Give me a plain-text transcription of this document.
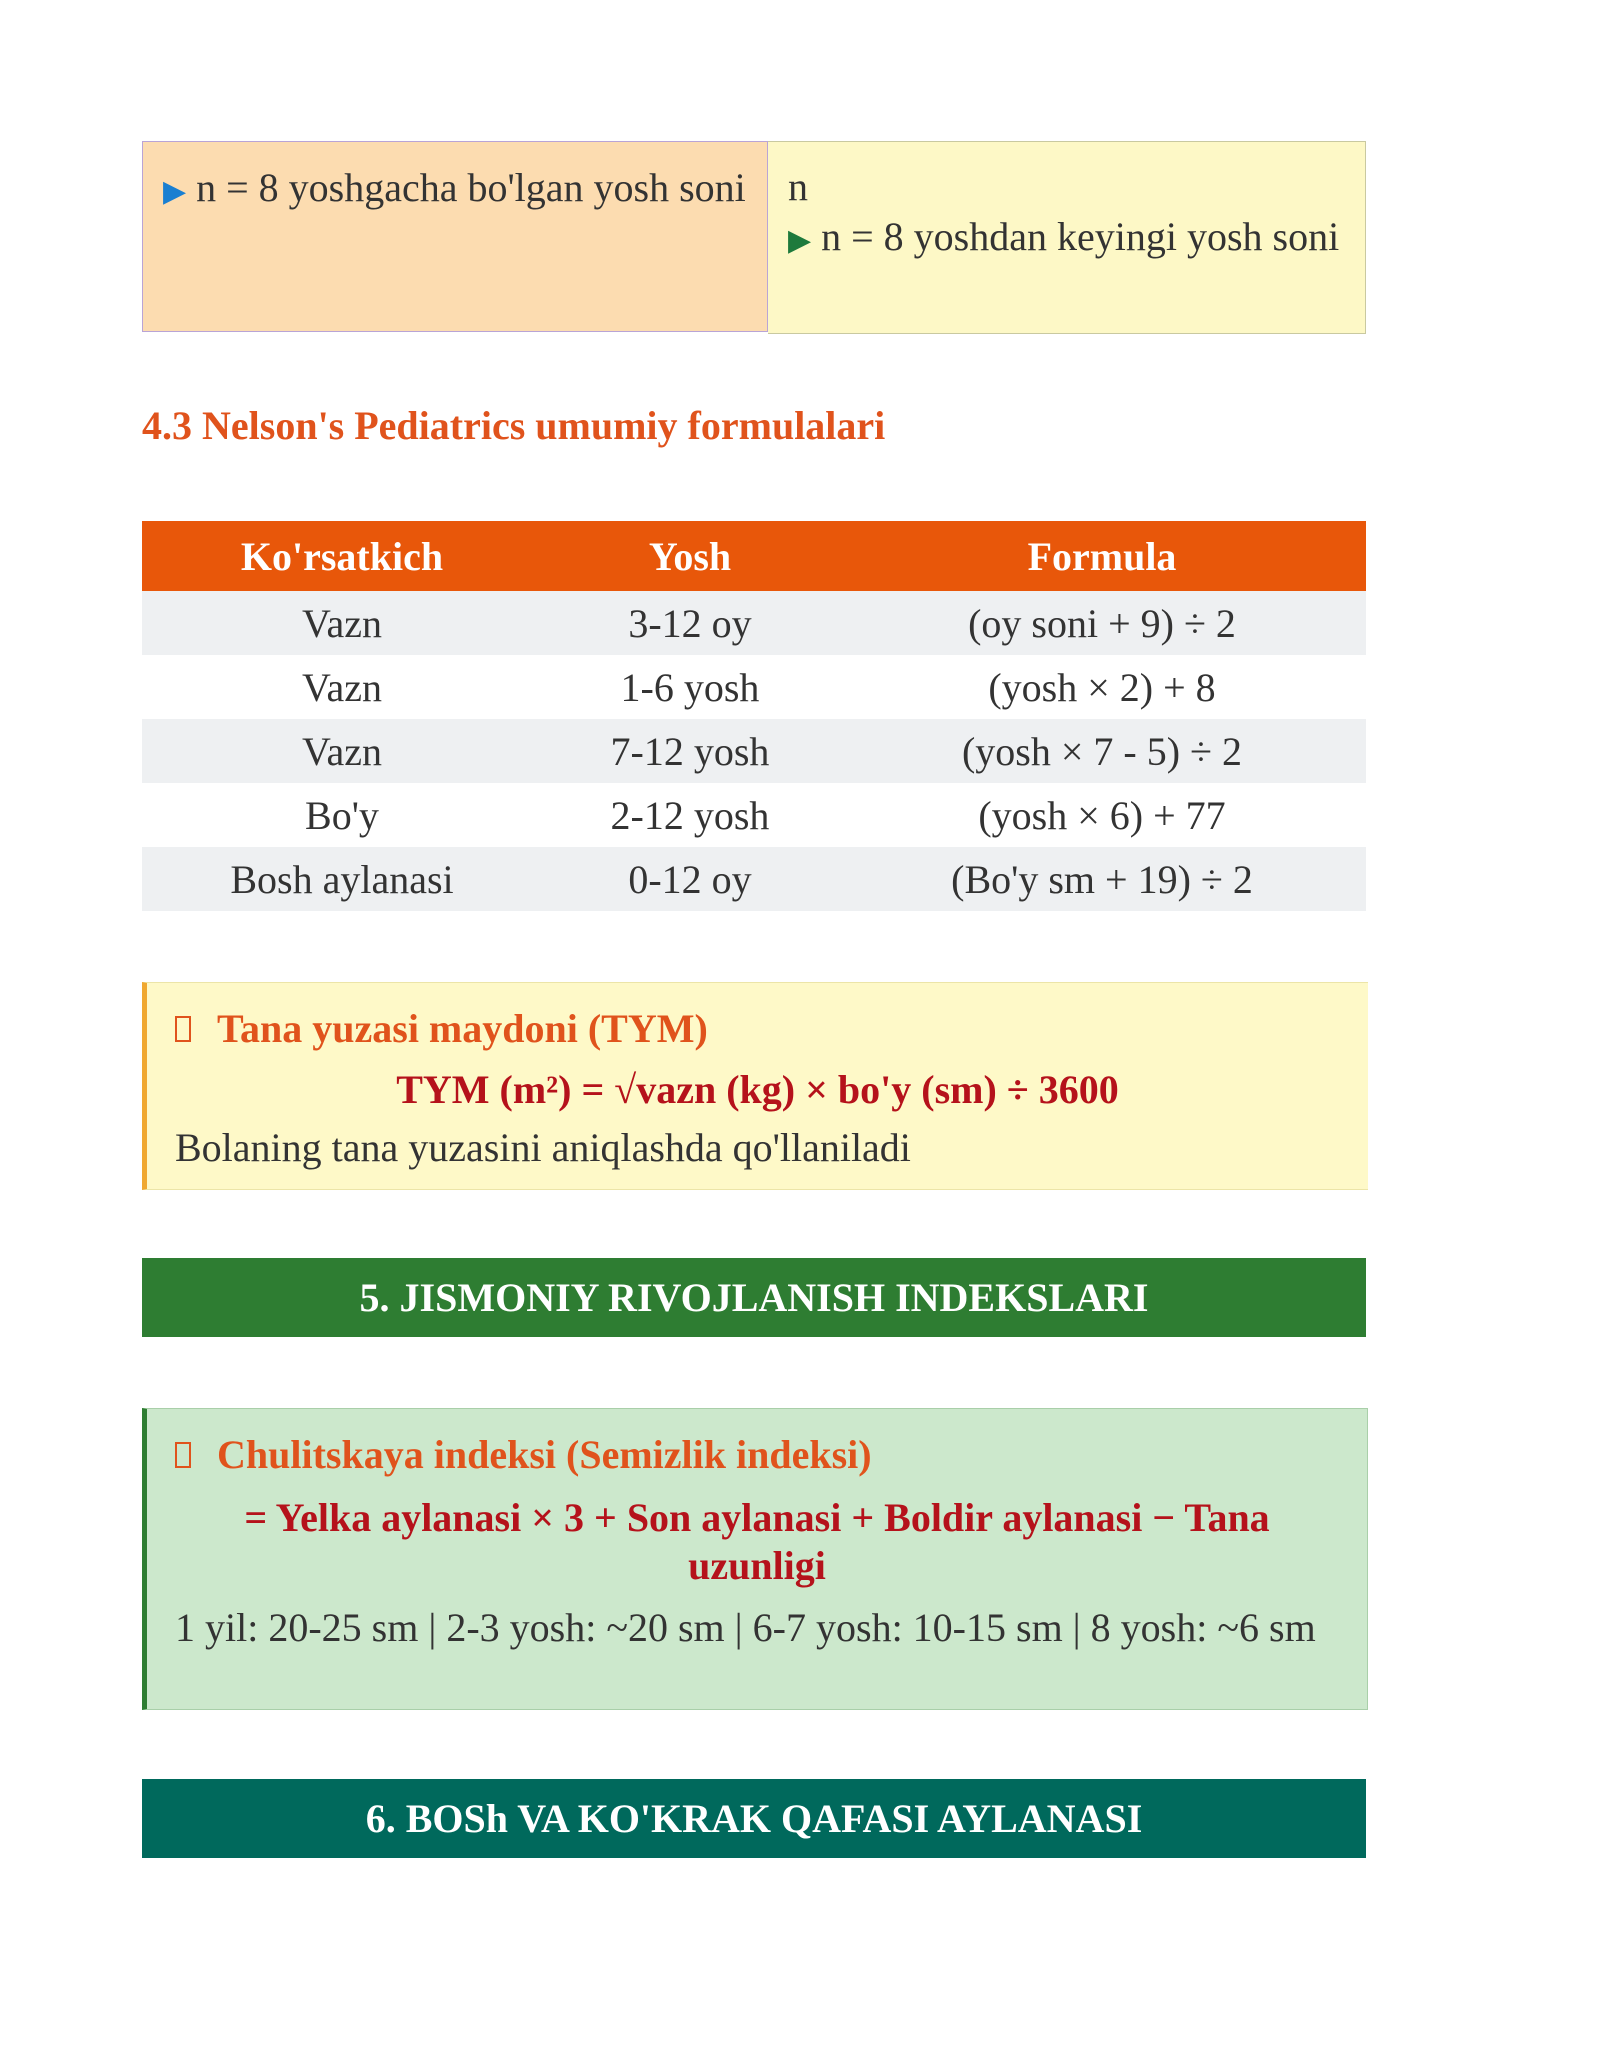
▶ n = 8 yoshgacha bo'lgan yosh soni	n
▶ n = 8 yoshdan keyingi yosh soni
4.3 Nelson's Pediatrics umumiy formulalari
Ko'rsatkich	Yosh	Formula
Vazn	3-12 oy	(oy soni + 9) ÷ 2
Vazn	1-6 yosh	(yosh × 2) + 8
Vazn	7-12 yosh	(yosh × 7 - 5) ÷ 2
Bo'y	2-12 yosh	(yosh × 6) + 77
Bosh aylanasi	0-12 oy	(Bo'y sm + 19) ÷ 2
Tana yuzasi maydoni (TYM)
TYM (m²) = √vazn (kg) × bo'y (sm) ÷ 3600
Bolaning tana yuzasini aniqlashda qo'llaniladi
5. JISMONIY RIVOJLANISH INDEKSLARI
Chulitskaya indeksi (Semizlik indeksi)
= Yelka aylanasi × 3 + Son aylanasi + Boldir aylanasi − Tana uzunligi
1 yil: 20-25 sm | 2-3 yosh: ~20 sm | 6-7 yosh: 10-15 sm | 8 yosh: ~6 sm
6. BOSh VA KO'KRAK QAFASI AYLANASI
